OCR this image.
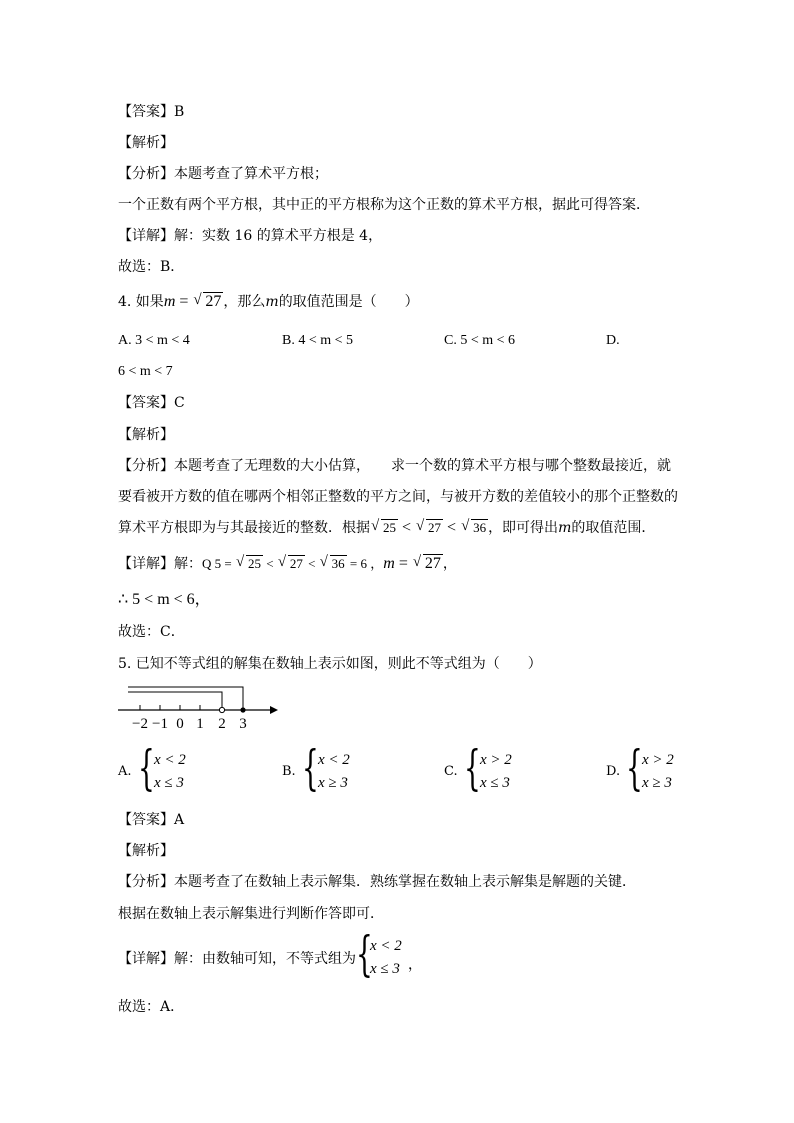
【答案】B
【解析】
【分析】本题考查了算术平方根；
一个正数有两个平方根，其中正的平方根称为这个正数的算术平方根，据此可得答案．
【详解】解：实数 16 的算术平方根是 4，
故选：B．
4. 如果m = √ 27 ，那么m的取值范围是（　　）
A. 3 < m < 4	B. 4 < m < 5	C. 5 < m < 6	D.
6 < m < 7
【答案】C
【解析】
【分析】本题考查了无理数的大小估算，　　求一个数的算术平方根与哪个整数最接近，就
要看被开方数的值在哪两个相邻正整数的平方之间，与被开方数的差值较小的那个正整数的
算术平方根即为与其最接近的整数．根据√ 25 < √ 27 < √ 36 ，即可得出m的取值范围．
【详解】解：Q 5 = √ 25 < √ 27 < √ 36 = 6 ，m = √ 27 ，
∴ 5 < m < 6，
故选：C．
5. 已知不等式组的解集在数轴上表示如图，则此不等式组为（　　）
−2 −1 0 1 2 3
A. { x < 2
x ≤ 3
B. { x < 2
x ≥ 3
C. { x > 2
x ≤ 3
D. { x > 2
x ≥ 3
【答案】A
【解析】
【分析】本题考查了在数轴上表示解集．熟练掌握在数轴上表示解集是解题的关键．
根据在数轴上表示解集进行判断作答即可．
【详解】解：由数轴可知，不等式组为 {
x < 2
x ≤ 3 ，
故选：A．
